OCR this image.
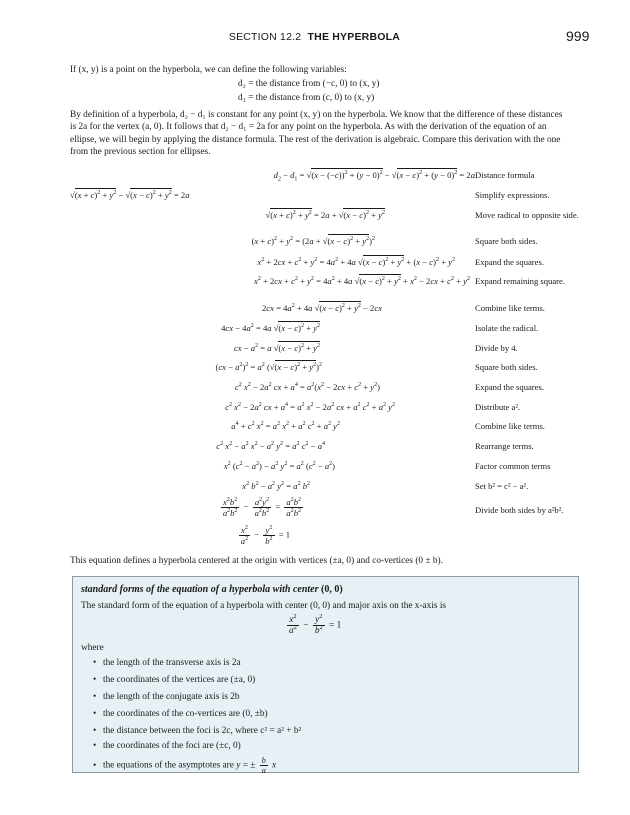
SECTION 12.2 THE HYPERBOLA	999
If (x, y) is a point on the hyperbola, we can define the following variables:
d₂ = the distance from (−c, 0) to (x, y)
d₁ = the distance from (c, 0) to (x, y)
By definition of a hyperbola, d₂ − d₁ is constant for any point (x, y) on the hyperbola. We know that the difference of these distances is 2a for the vertex (a, 0). It follows that d₂ − d₁ = 2a for any point on the hyperbola. As with the derivation of the equation of an ellipse, we will begin by applying the distance formula. The rest of the derivation is algebraic. Compare this derivation with the one from the previous section for ellipses.
$d_2 - d_1 = √(x - (-c))^2 + (y - 0)^2 - √(x - c)^2 + (y - 0)^2 = 2a$ Distance formula
$√(x + c)^2 + y^2 - √(x - c)^2 + y^2 = 2a$	Simplify expressions.
$√(x + c)^2 + y^2 = 2a + √(x - c)^2 + y^2$	Move radical to opposite side.
$(x + c)^2 + y^2 = (2a + √(x - c)^2 + y^2)^2$	Square both sides.
$x^2 + 2cx + c^2 + y^2 = 4a^2 + 4a$ $√(x - c)^2 + y^2 + (x - c)^2 + y^2$ Expand the squares.
$x^2 + 2cx + c^2 + y^2 = 4a^2 + 4a$ $√(x - c)^2 + y^2 + x^2 - 2cx + c^2 + y^2$ Expand remaining square.
$2cx = 4a^2 + 4a$ $√(x - c)^2 + y^2 - 2cx$	Combine like terms.
$4cx - 4a^2 = 4a$ $√(x - c)^2 + y^2$	Isolate the radical.
cx − $a^2 = a$ $√(x - c)^2 + y^2$	Divide by 4.
$(cx - a^2)^2 = a^2$ $(√(x - c)^2 + y^2)^2$	Square both sides.
$c^2$ $x^2 - 2a^2$ cx + $a^4 = a^2(x^2 - 2cx + c^2 + y^2)$	Expand the squares.
$c^2$ $x^2 - 2a^2$ cx + $a^4 = a^2$ $x^2 - 2a^2$ cx + $a^2$ $c^2 + a^2$ $y^2$	Distribute a².
$a^4 + c^2$ $x^2 = a^2$ $x^2 + a^2$ $c^2 + a^2$ $y^2$	Combine like terms.
$c^2$ $x^2 - a^2$ $x^2 - a^2$ $y^2 = a^2$ $c^2 - a^4$	Rearrange terms.
$x^2$ $(c^2 - a^2) - a^2$ $y^2 = a^2$ $(c^2 - a^2)$	Factor common terms
$x^2$ $b^2 - a^2$ $y^2 = a^2$ $b^2$	Set b² = c² − a².
$\frac{x^2b^2}{a^2b^2} - \frac{a^2y^2}{a^2b^2} = \frac{a^2b^2}{a^2b^2}$	Divide both sides by a²b².
$\frac{x^2}{a^2} - \frac{y^2}{b^2} = 1$
This equation defines a hyperbola centered at the origin with vertices (±a, 0) and co-vertices (0 ± b).
standard forms of the equation of a hyperbola with center (0, 0)
The standard form of the equation of a hyperbola with center (0, 0) and major axis on the x-axis is
$\frac{x^2}{a^2} - \frac{y^2}{b^2} = 1$
where
• the length of the transverse axis is 2a
• the coordinates of the vertices are (±a, 0)
• the length of the conjugate axis is 2b
• the coordinates of the co-vertices are (0, ±b)
• the distance between the foci is 2c, where c² = a² + b²
• the coordinates of the foci are (±c, 0)
• the equations of the asymptotes are y = ± $\frac{b}{a}$ x
